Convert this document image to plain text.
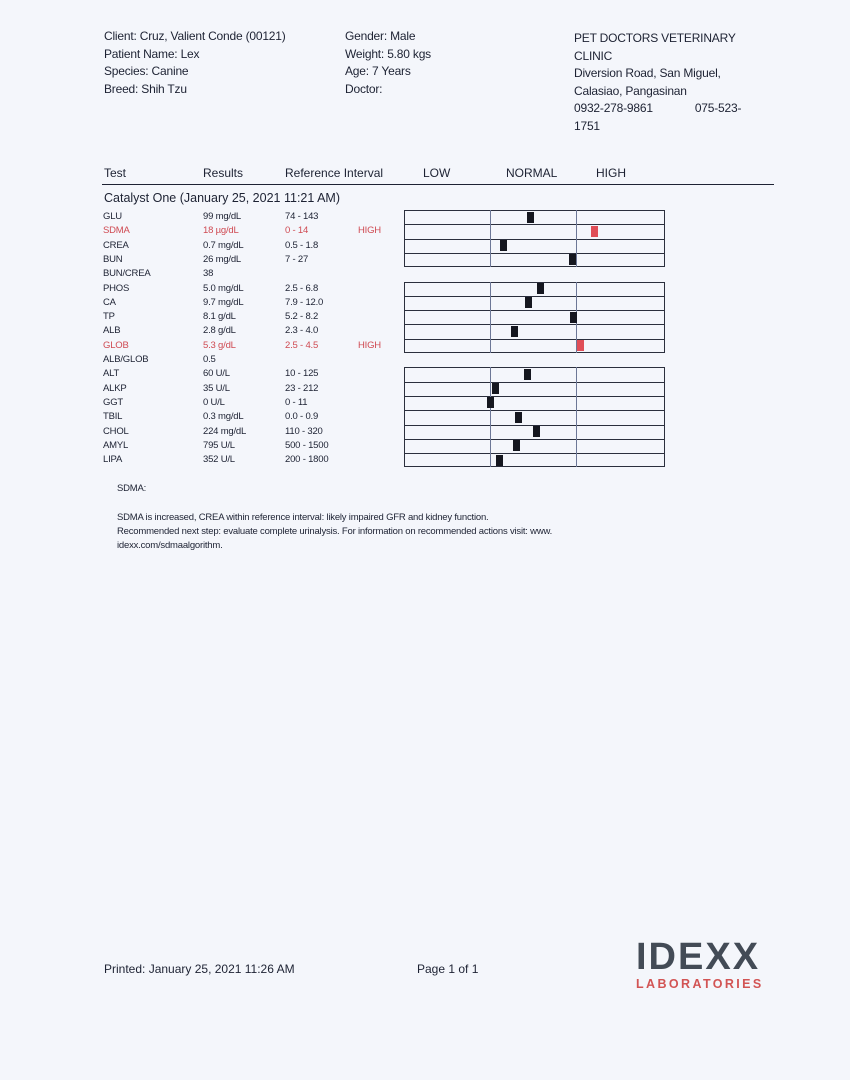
Client: Cruz, Valient Conde (00121)
Patient Name: Lex
Species: Canine
Breed: Shih Tzu
Gender: Male
Weight: 5.80 kgs
Age: 7 Years
Doctor:
PET DOCTORS VETERINARY
CLINIC
Diversion Road, San Miguel,
Calasiao, Pangasinan
0932-278-9861	075-523-
1751
Test	Results	Reference Interval	LOW	NORMAL	HIGH
Catalyst One (January 25, 2021 11:21 AM)
GLU	99 mg/dL	74 - 143
SDMA	18 µg/dL	0 - 14	HIGH
CREA	0.7 mg/dL	0.5 - 1.8
BUN	26 mg/dL	7 - 27
BUN/CREA	38
PHOS	5.0 mg/dL	2.5 - 6.8
CA	9.7 mg/dL	7.9 - 12.0
TP	8.1 g/dL	5.2 - 8.2
ALB	2.8 g/dL	2.3 - 4.0
GLOB	5.3 g/dL	2.5 - 4.5	HIGH
ALB/GLOB	0.5
ALT	60 U/L	10 - 125
ALKP	35 U/L	23 - 212
GGT	0 U/L	0 - 11
TBIL	0.3 mg/dL	0.0 - 0.9
CHOL	224 mg/dL	110 - 320
AMYL	795 U/L	500 - 1500
LIPA	352 U/L	200 - 1800
SDMA:
SDMA is increased, CREA within reference interval: likely impaired GFR and kidney function.
Recommended next step: evaluate complete urinalysis. For information on recommended actions visit: www.
idexx.com/sdmaalgorithm.
Printed: January 25, 2021 11:26 AM	Page 1 of 1	IDEXX
LABORATORIES
